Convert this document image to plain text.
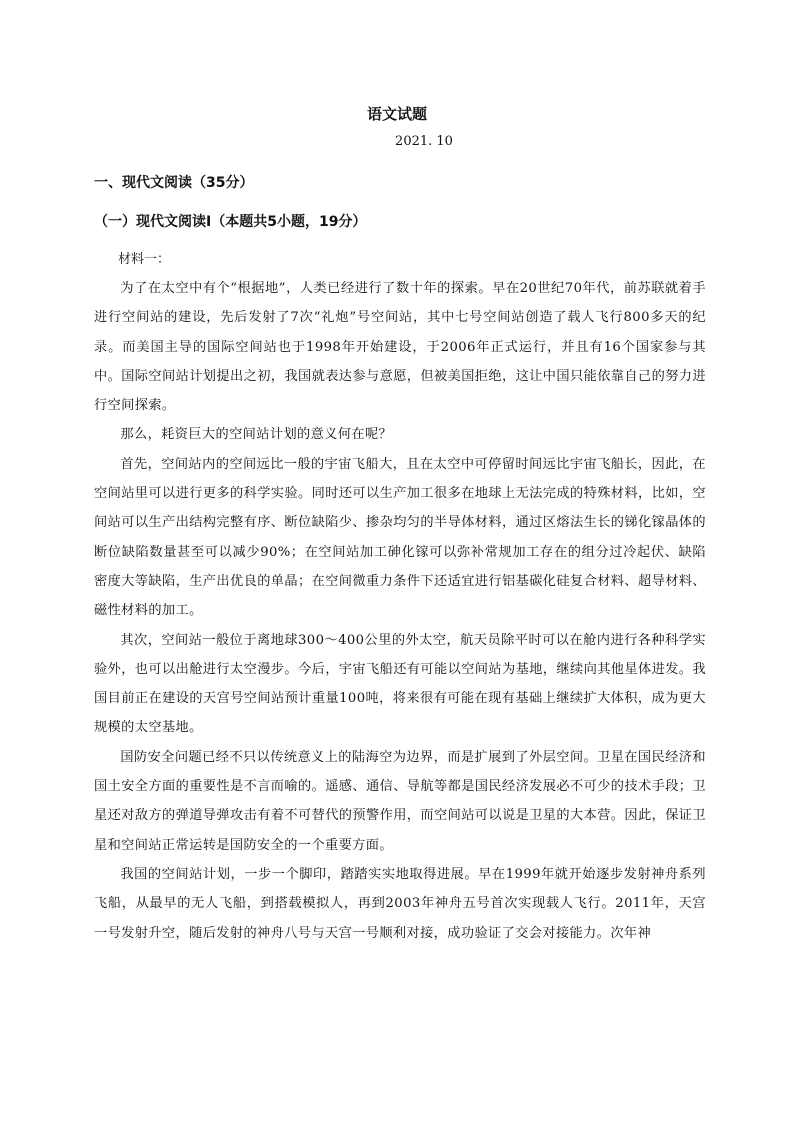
语文试题
2021. 10
一、现代文阅读（35分）
（一）现代文阅读Ⅰ（本题共5小题，19分）
材料一：

为了在太空中有个“根据地”，人类已经进行了数十年的探索。早在20世纪70年代，前苏联就着手进行空间站的建设，先后发射了7次“礼炮”号空间站，其中七号空间站创造了载人飞行800多天的纪录。而美国主导的国际空间站也于1998年开始建设，于2006年正式运行，并且有16个国家参与其中。国际空间站计划提出之初，我国就表达参与意愿，但被美国拒绝，这让中国只能依靠自己的努力进行空间探索。

那么，耗资巨大的空间站计划的意义何在呢？

首先，空间站内的空间远比一般的宇宙飞船大，且在太空中可停留时间远比宇宙飞船长，因此，在空间站里可以进行更多的科学实验。同时还可以生产加工很多在地球上无法完成的特殊材料，比如，空间站可以生产出结构完整有序、断位缺陷少、掺杂均匀的半导体材料，通过区熔法生长的锑化镓晶体的断位缺陷数量甚至可以减少90%；在空间站加工砷化镓可以弥补常规加工存在的组分过冷起伏、缺陷密度大等缺陷，生产出优良的单晶；在空间微重力条件下还适宜进行铝基碳化硅复合材料、超导材料、磁性材料的加工。

其次，空间站一般位于离地球300～400公里的外太空，航天员除平时可以在舱内进行各种科学实验外，也可以出舱进行太空漫步。今后，宇宙飞船还有可能以空间站为基地，继续向其他星体进发。我国目前正在建设的天宫号空间站预计重量100吨，将来很有可能在现有基础上继续扩大体积，成为更大规模的太空基地。

国防安全问题已经不只以传统意义上的陆海空为边界，而是扩展到了外层空间。卫星在国民经济和国土安全方面的重要性是不言而喻的。遥感、通信、导航等都是国民经济发展必不可少的技术手段；卫星还对敌方的弹道导弹攻击有着不可替代的预警作用，而空间站可以说是卫星的大本营。因此，保证卫星和空间站正常运转是国防安全的一个重要方面。

我国的空间站计划，一步一个脚印，踏踏实实地取得进展。早在1999年就开始逐步发射神舟系列飞船，从最早的无人飞船，到搭载模拟人，再到2003年神舟五号首次实现载人飞行。2011年，天宫一号发射升空，随后发射的神舟八号与天宫一号顺利对接，成功验证了交会对接能力。次年神
